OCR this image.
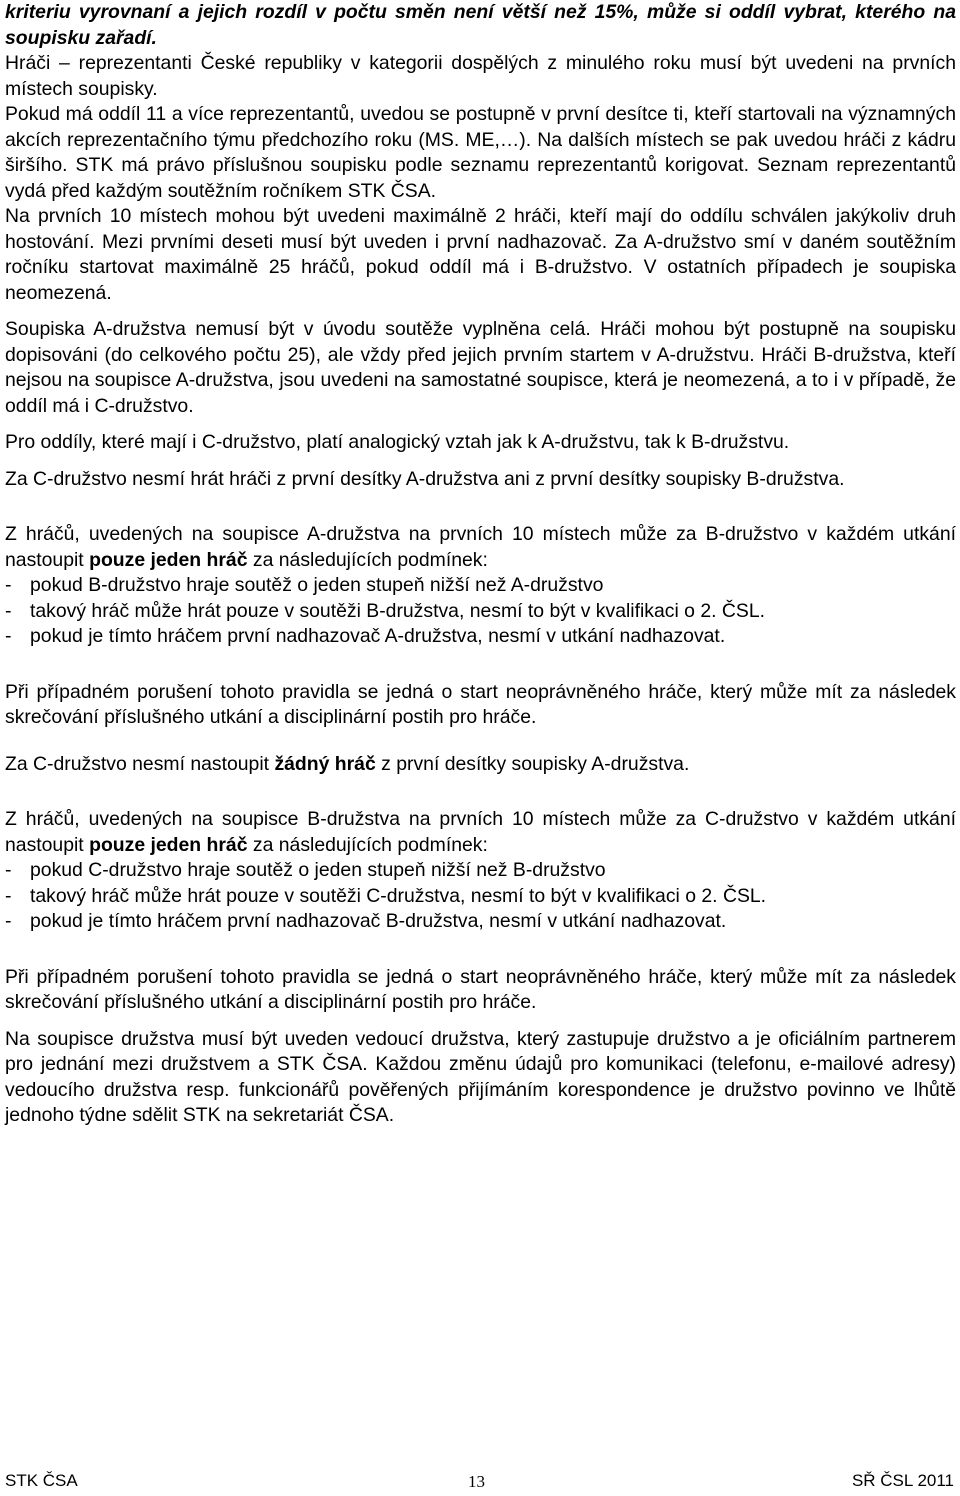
kriteriu vyrovnaní a jejich rozdíl v počtu směn není větší než 15%, může si oddíl vybrat, kterého na soupisku zařadí.

Hráči – reprezentanti České republiky v kategorii dospělých z minulého roku musí být uvedeni na prvních místech soupisky.

Pokud má oddíl 11 a více reprezentantů, uvedou se postupně v první desítce ti, kteří startovali na významných akcích reprezentačního týmu předchozího roku (MS. ME,…). Na dalších místech se pak uvedou hráči z kádru širšího. STK má právo příslušnou soupisku podle seznamu reprezentantů korigovat. Seznam reprezentantů vydá před každým soutěžním ročníkem STK ČSA.

Na prvních 10 místech mohou být uvedeni maximálně 2 hráči, kteří mají do oddílu schválen jakýkoliv druh hostování. Mezi prvními deseti musí být uveden i první nadhazovač. Za A-družstvo smí v daném soutěžním ročníku startovat maximálně 25 hráčů, pokud oddíl má i B-družstvo. V ostatních případech je soupiska neomezená.

Soupiska A-družstva nemusí být v úvodu soutěže vyplněna celá. Hráči mohou být postupně na soupisku dopisováni (do celkového počtu 25), ale vždy před jejich prvním startem v A-družstvu. Hráči B-družstva, kteří nejsou na soupisce A-družstva, jsou uvedeni na samostatné soupisce, která je neomezená, a to i v případě, že oddíl má i C-družstvo.

Pro oddíly, které mají i C-družstvo, platí analogický vztah jak k A-družstvu, tak k B-družstvu.

Za C-družstvo nesmí hrát hráči z první desítky A-družstva ani z první desítky soupisky B-družstva.

Z hráčů, uvedených na soupisce A-družstva na prvních 10 místech může za B-družstvo v každém utkání nastoupit pouze jeden hráč za následujících podmínek:

- pokud B-družstvo hraje soutěž o jeden stupeň nižší než A-družstvo
- takový hráč může hrát pouze v soutěži B-družstva, nesmí to být v kvalifikaci o 2. ČSL.
- pokud je tímto hráčem první nadhazovač A-družstva, nesmí v utkání nadhazovat.

Při případném porušení tohoto pravidla se jedná o start neoprávněného hráče, který může mít za následek skrečování příslušného utkání a disciplinární postih pro hráče.

Za C-družstvo nesmí nastoupit žádný hráč z první desítky soupisky A-družstva.

Z hráčů, uvedených na soupisce B-družstva na prvních 10 místech může za C-družstvo v každém utkání nastoupit pouze jeden hráč za následujících podmínek:

- pokud C-družstvo hraje soutěž o jeden stupeň nižší než B-družstvo
- takový hráč může hrát pouze v soutěži C-družstva, nesmí to být v kvalifikaci o 2. ČSL.
- pokud je tímto hráčem první nadhazovač B-družstva, nesmí v utkání nadhazovat.

Při případném porušení tohoto pravidla se jedná o start neoprávněného hráče, který může mít za následek skrečování příslušného utkání a disciplinární postih pro hráče.

Na soupisce družstva musí být uveden vedoucí družstva, který zastupuje družstvo a je oficiálním partnerem pro jednání mezi družstvem a STK ČSA. Každou změnu údajů pro komunikaci (telefonu, e-mailové adresy) vedoucího družstva resp. funkcionářů pověřených přijímáním korespondence je družstvo povinno ve lhůtě jednoho týdne sdělit STK na sekretariát ČSA.

STK ČSA	13	SŘ ČSL 2011
